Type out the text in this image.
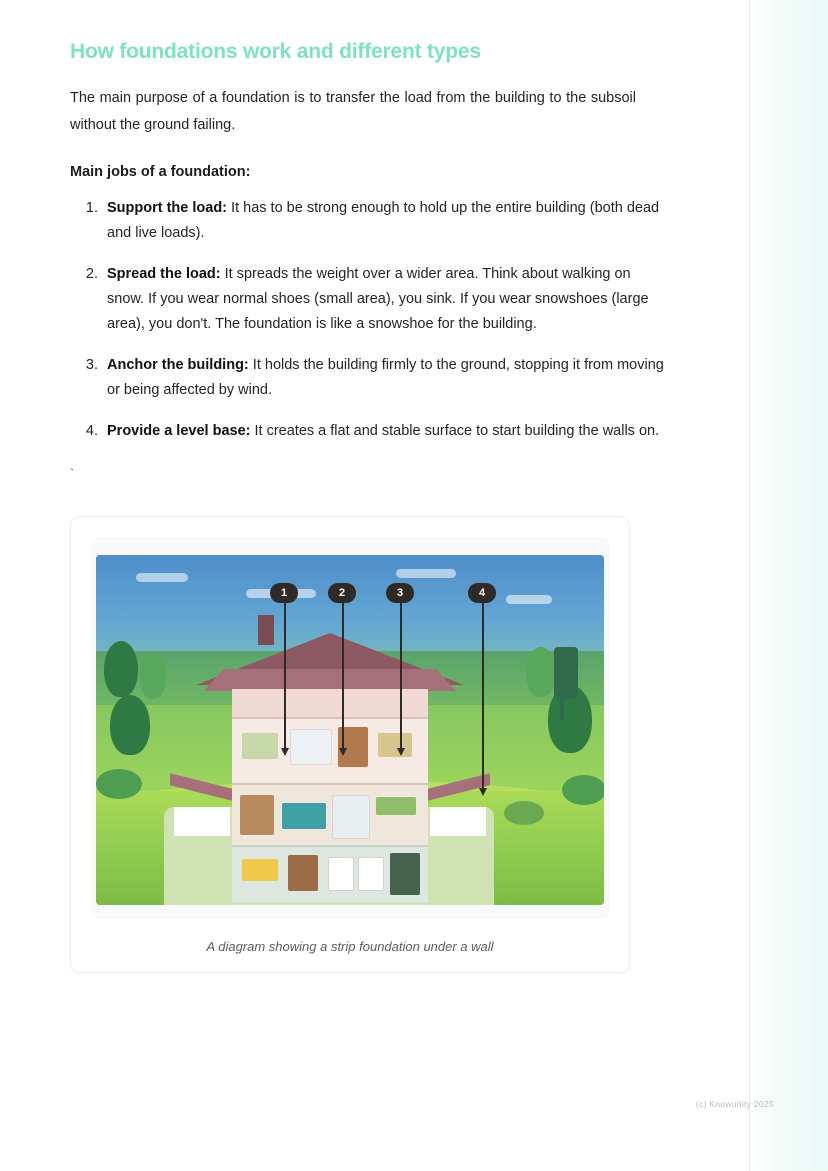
How foundations work and different types

The main purpose of a foundation is to transfer the load from the building to the subsoil without the ground failing.

Main jobs of a foundation:

1. Support the load: It has to be strong enough to hold up the entire building (both dead and live loads).
2. Spread the load: It spreads the weight over a wider area. Think about walking on snow. If you wear normal shoes (small area), you sink. If you wear snowshoes (large area), you don't. The foundation is like a snowshoe for the building.
3. Anchor the building: It holds the building firmly to the ground, stopping it from moving or being affected by wind.
4. Provide a level base: It creates a flat and stable surface to start building the walls on.

`

1	2	3	4
A diagram showing a strip foundation under a wall
(c) Knowunity 2025
